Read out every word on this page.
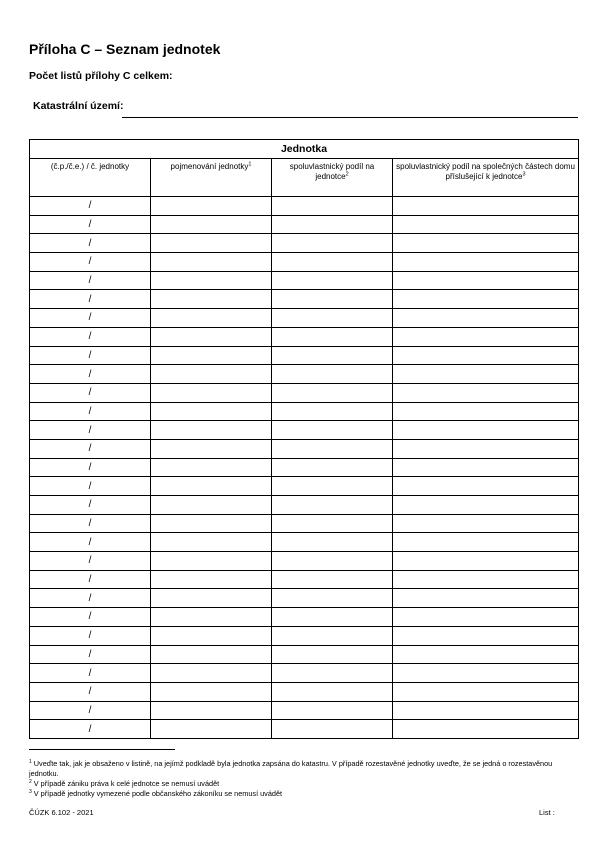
Příloha C – Seznam jednotek
Počet listů přílohy C celkem:
Katastrální území:
Jednotka			
(č.p./č.e.) / č. jednotky	pojmenování jednotky$^1$	spoluvlastnický podíl na jednotce$^2$	spoluvlastnický podíl na společných částech domu příslušející k jednotce$^3$
/			
/			
/			
/			
/			
/			
/			
/			
/			
/			
/			
/			
/			
/			
/			
/			
/			
/			
/			
/			
/			
/			
/			
/			
/			
/			
/			
/			
/			
$^1$ Uveďte tak, jak je obsaženo v listině, na jejímž podkladě byla jednotka zapsána do katastru. V případě rozestavěné jednotky uveďte, že se jedná o rozestavěnou jednotku.
$^2$ V případě zániku práva k celé jednotce se nemusí uvádět
$^3$ V případě jednotky vymezené podle občanského zákoníku se nemusí uvádět
ČÚZK 6.102 - 2021	List :
